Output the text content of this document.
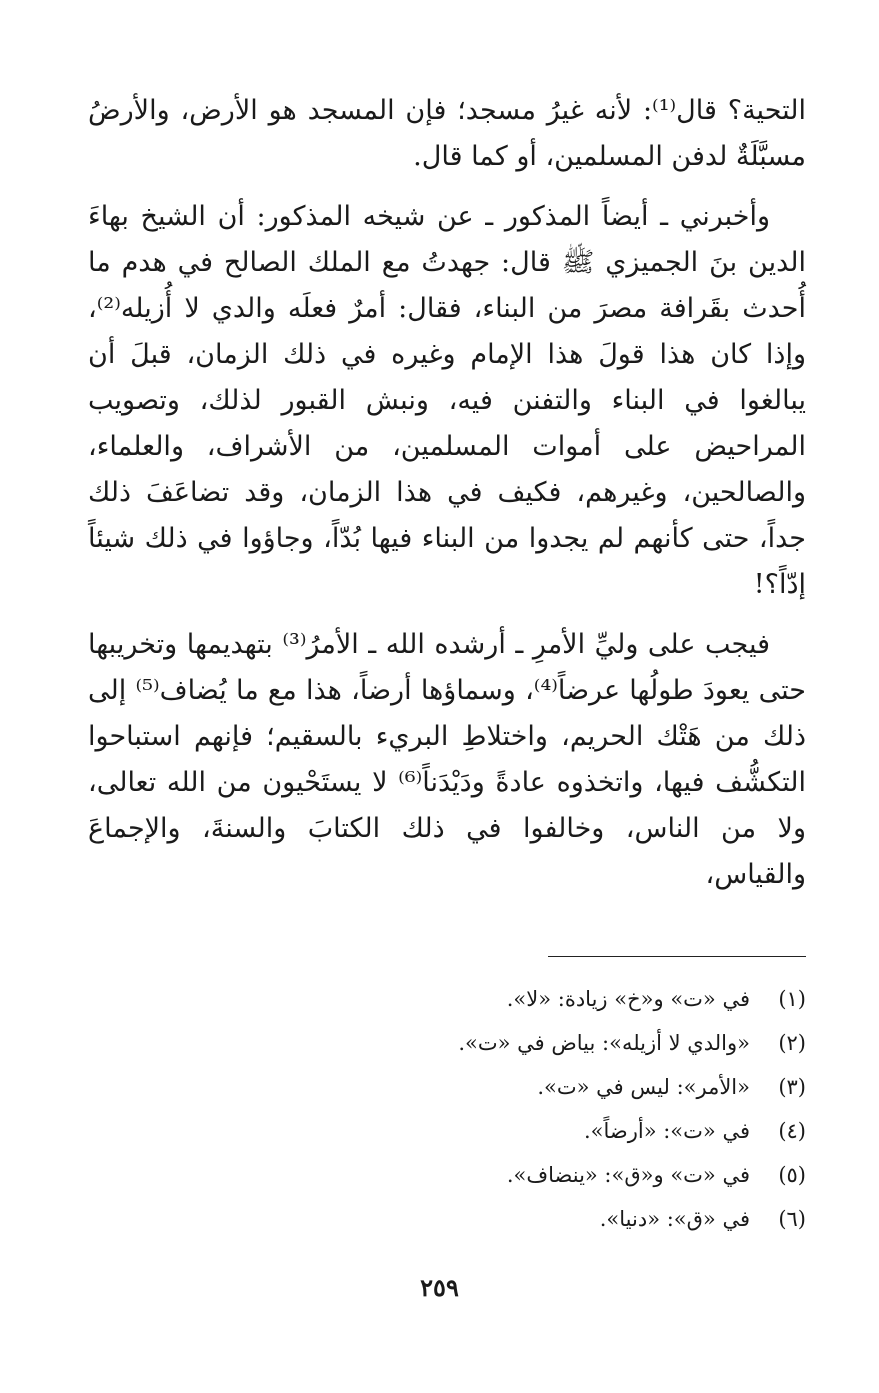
التحية؟ قال⁽¹⁾: لأنه غيرُ مسجد؛ فإن المسجد هو الأرض، والأرضُ مسبَّلَةٌ لدفن المسلمين، أو كما قال.

وأخبرني ـ أيضاً المذكور ـ عن شيخه المذكور: أن الشيخ بهاءَ الدين بنَ الجميزي ﷺ قال: جهدتُ مع الملك الصالح في هدم ما أُحدث بقَرافة مصرَ من البناء، فقال: أمرٌ فعلَه والدي لا أُزيله⁽²⁾، وإذا كان هذا قولَ هذا الإمام وغيره في ذلك الزمان، قبلَ أن يبالغوا في البناء والتفنن فيه، ونبش القبور لذلك، وتصويب المراحيض على أموات المسلمين، من الأشراف، والعلماء، والصالحين، وغيرهم، فكيف في هذا الزمان، وقد تضاعَفَ ذلك جداً، حتى كأنهم لم يجدوا من البناء فيها بُدّاً، وجاؤوا في ذلك شيئاً إدّاً؟!

فيجب على وليِّ الأمرِ ـ أرشده الله ـ الأمرُ⁽³⁾ بتهديمها وتخريبها حتى يعودَ طولُها عرضاً⁽⁴⁾، وسماؤها أرضاً، هذا مع ما يُضاف⁽⁵⁾ إلى ذلك من هَتْك الحريم، واختلاطِ البريء بالسقيم؛ فإنهم استباحوا التكشُّف فيها، واتخذوه عادةً ودَيْدَناً⁽⁶⁾ لا يستَحْيون من الله تعالى، ولا من الناس، وخالفوا في ذلك الكتابَ والسنةَ، والإجماعَ والقياس،

(١)
في «ت» و«خ» زيادة: «لا».
(٢)
«والدي لا أزيله»: بياض في «ت».
(٣)
«الأمر»: ليس في «ت».
(٤)
في «ت»: «أرضاً».
(٥)
في «ت» و«ق»: «ينضاف».
(٦)
في «ق»: «دنيا».
٢٥٩
